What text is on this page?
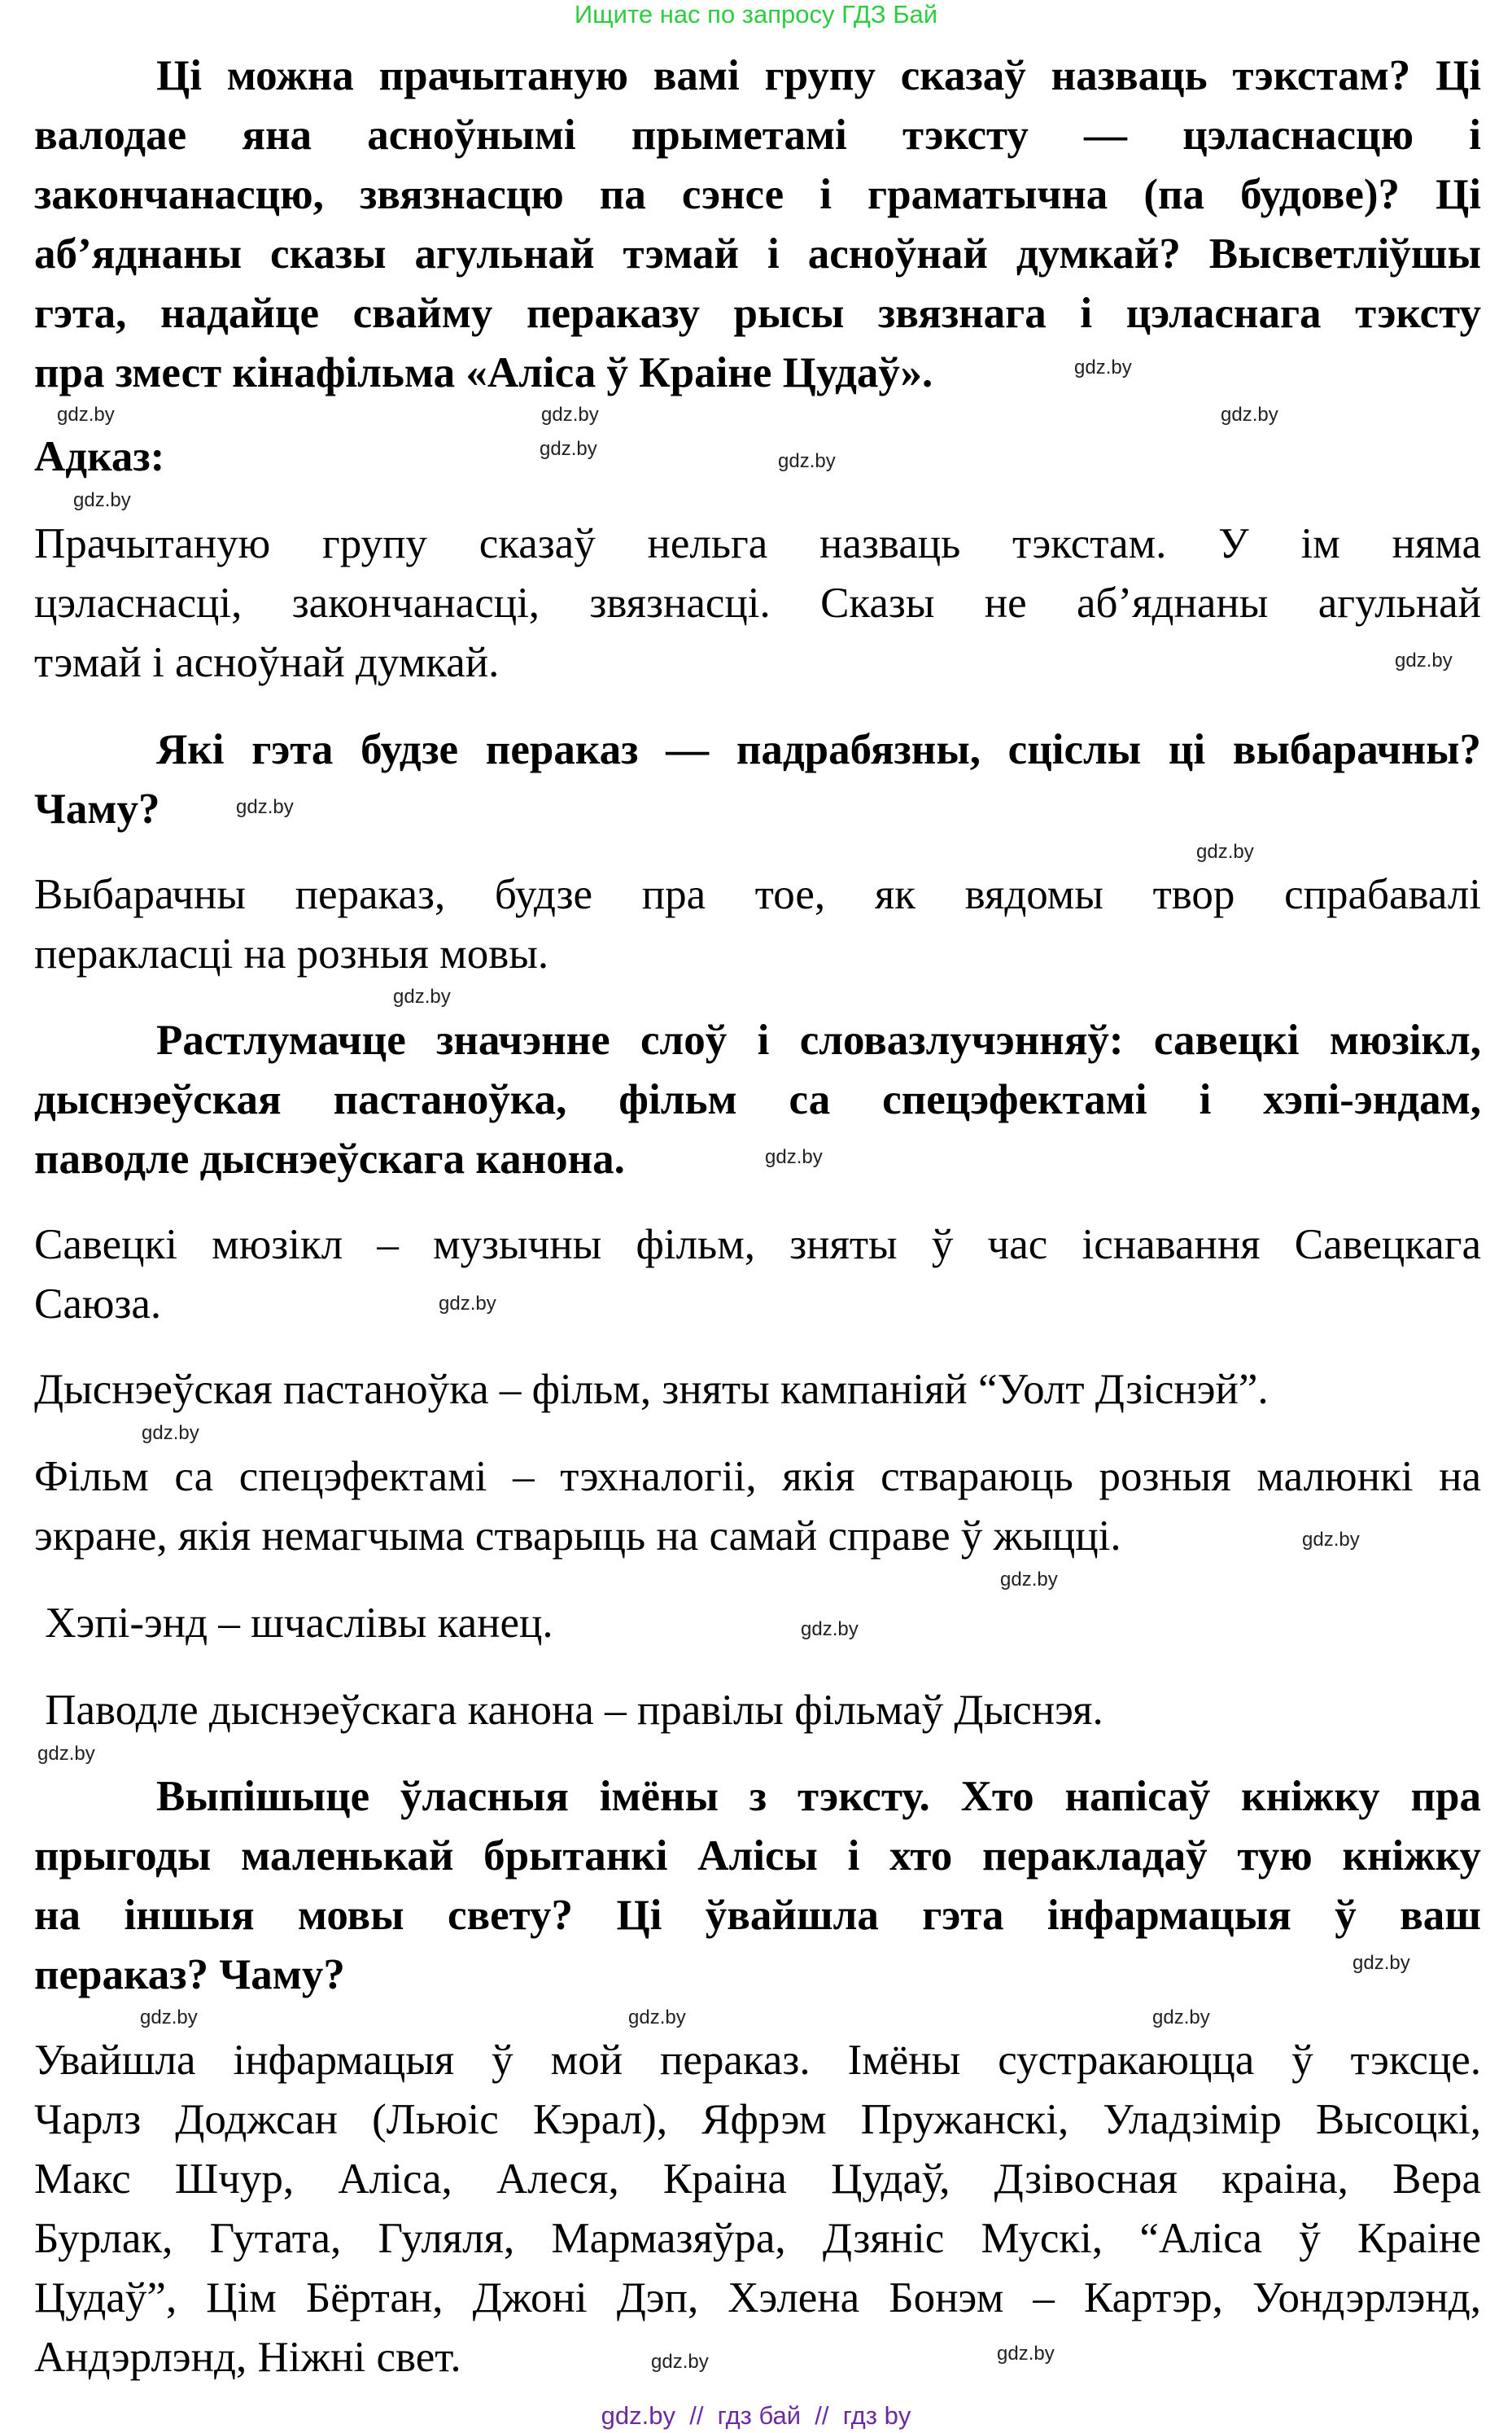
Ищите нас по запросу ГДЗ Бай
Ці можна прачытаную вамі групу сказаў назваць тэкстам? Ці
валодае яна асноўнымі прыметамі тэксту — цэласнасцю і
закончанасцю, звязнасцю па сэнсе і граматычна (па будове)? Ці
аб’яднаны сказы агульнай тэмай і асноўнай думкай? Высветліўшы
гэта, надайце свайму пераказу рысы звязнага і цэласнага тэксту
пра змест кінафільма «Аліса ў Краіне Цудаў».
Адказ:
Прачытаную групу сказаў нельга назваць тэкстам. У ім няма
цэласнасці, закончанасці, звязнасці. Сказы не аб’яднаны агульнай
тэмай і асноўнай думкай.
Які гэта будзе пераказ — падрабязны, сціслы ці выбарачны?
Чаму?
Выбарачны пераказ, будзе пра тое, як вядомы твор спрабавалі
перакласці на розныя мовы.
Растлумачце значэнне слоў і словазлучэнняў: савецкі мюзікл,
дыснэеўская пастаноўка, фільм са спецэфектамі і хэпі-эндам,
паводле дыснэеўскага канона.
Савецкі мюзікл – музычны фільм, зняты ў час існавання Савецкага
Саюза.
Дыснэеўская пастаноўка – фільм, зняты кампаніяй “Уолт Дзіснэй”.
Фільм са спецэфектамі – тэхналогіі, якія ствараюць розныя малюнкі на
экране, якія немагчыма стварыць на самай справе ў жыцці.
Хэпі-энд – шчаслівы канец.
Паводле дыснэеўскага канона – правілы фільмаў Дыснэя.
Выпішыце ўласныя імёны з тэксту. Хто напісаў кніжку пра
прыгоды маленькай брытанкі Алісы і хто перакладаў тую кніжку
на іншыя мовы свету? Ці ўвайшла гэта інфармацыя ў ваш
пераказ? Чаму?
Увайшла інфармацыя ў мой пераказ. Імёны сустракаюцца ў тэксце.
Чарлз Доджсан (Льюіс Кэрал), Яфрэм Пружанскі, Уладзімір Высоцкі,
Макс Шчур, Аліса, Алеся, Краіна Цудаў, Дзівосная краіна, Вера
Бурлак, Гутата, Гуляля, Мармазяўра, Дзяніс Мускі, “Аліса ў Краіне
Цудаў”, Цім Бёртан, Джоні Дэп, Хэлена Бонэм – Картэр, Уондэрлэнд,
Андэрлэнд, Ніжні свет.
gdz.by	gdz.by	gdz.by
gdz.by
gdz.by
gdz.by
gdz.by
gdz.by
gdz.by
gdz.by
gdz.by
gdz.by
gdz.by
gdz.by
gdz.by
gdz.by
gdz.by
gdz.by
gdz.by
gdz.by	gdz.by
gdz.by
gdz.by
gdz.by
gdz.by  //  гдз бай  //  гдз by
